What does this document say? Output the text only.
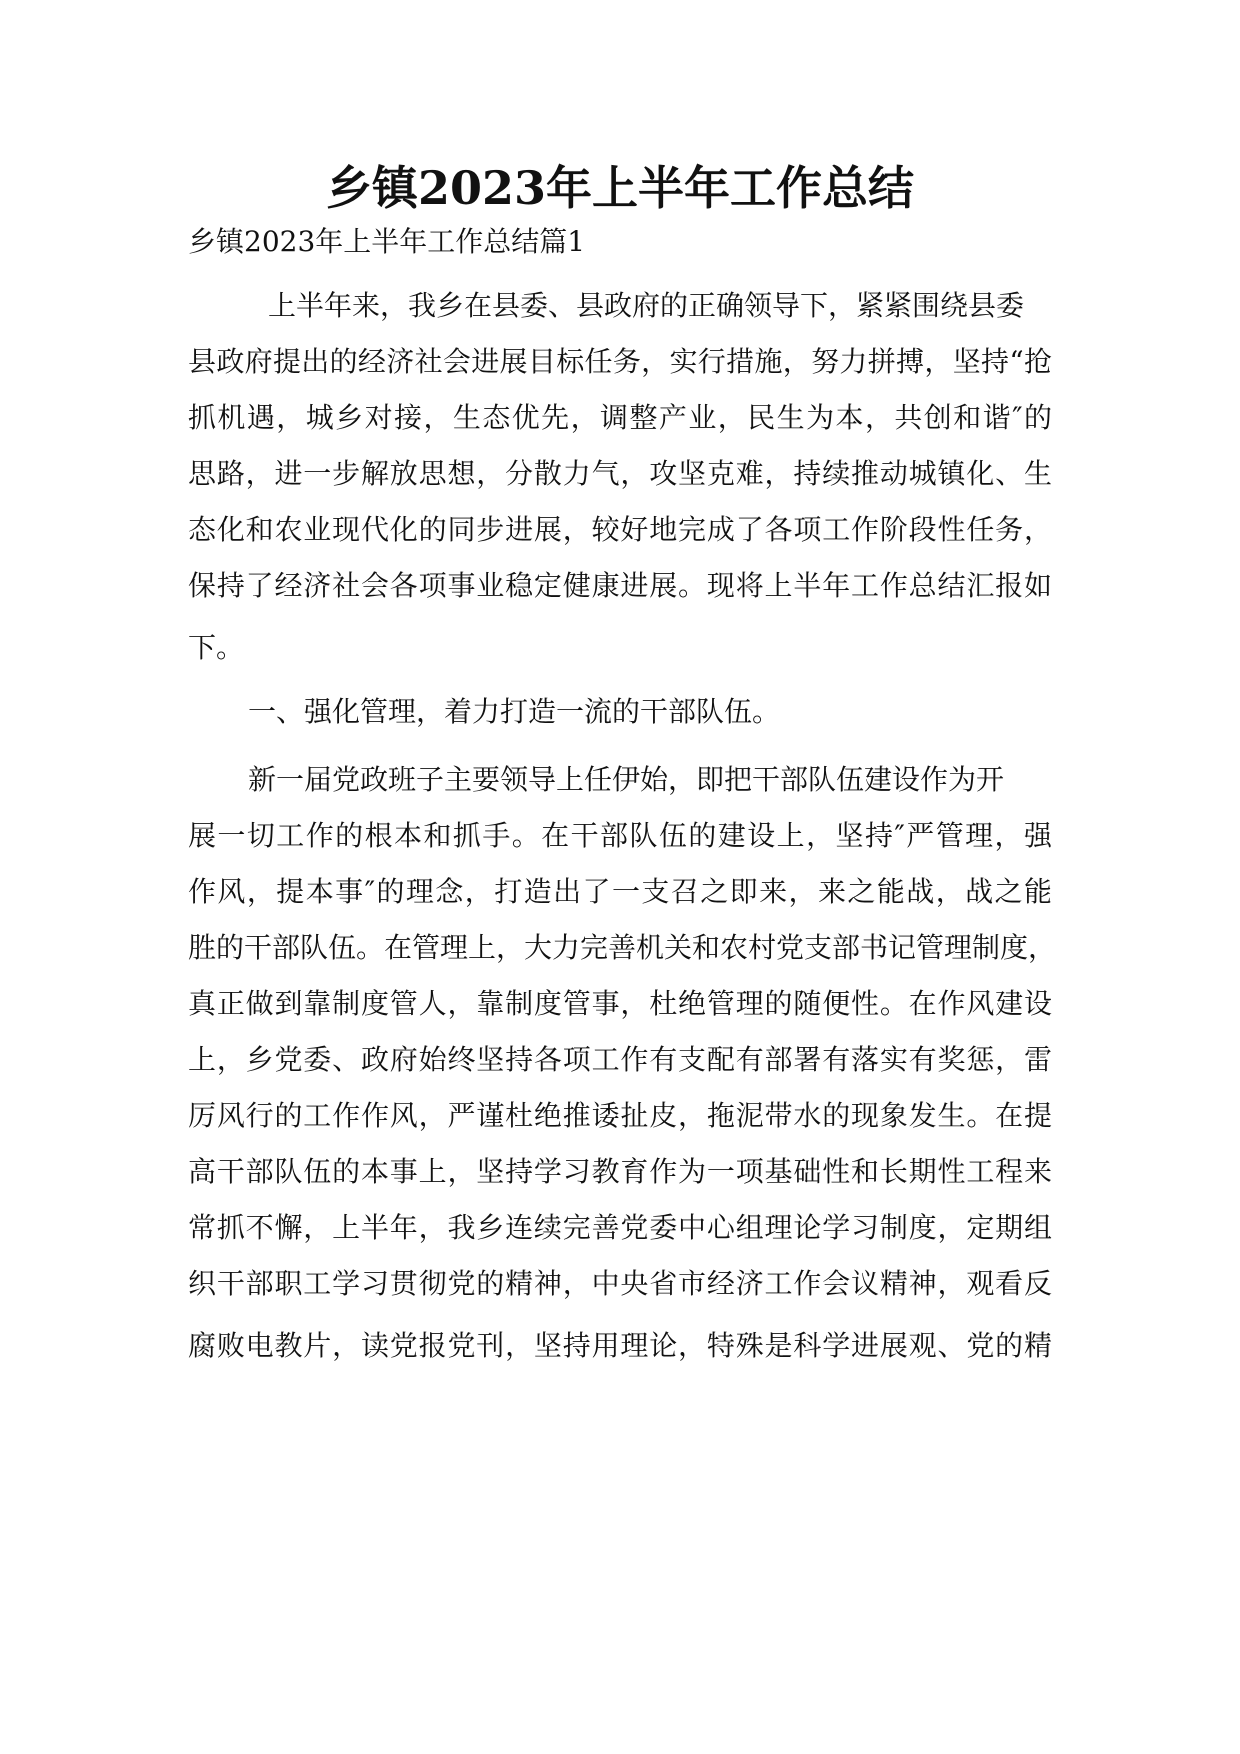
乡镇2023年上半年工作总结

乡镇2023年上半年工作总结篇1

上半年来，我乡在县委、县政府的正确领导下，紧紧围绕县委

县政府提出的经济社会进展目标任务，实行措施，努力拼搏，坚持“抢

抓机遇，城乡对接，生态优先，调整产业，民生为本，共创和谐″的

思路，进一步解放思想，分散力气，攻坚克难，持续推动城镇化、生

态化和农业现代化的同步进展，较好地完成了各项工作阶段性任务，

保持了经济社会各项事业稳定健康进展。现将上半年工作总结汇报如

下。

一、强化管理，着力打造一流的干部队伍。

新一届党政班子主要领导上任伊始，即把干部队伍建设作为开

展一切工作的根本和抓手。在干部队伍的建设上，坚持″严管理，强

作风，提本事″的理念，打造出了一支召之即来，来之能战，战之能

胜的干部队伍。在管理上，大力完善机关和农村党支部书记管理制度，

真正做到靠制度管人，靠制度管事，杜绝管理的随便性。在作风建设

上，乡党委、政府始终坚持各项工作有支配有部署有落实有奖惩，雷

厉风行的工作作风，严谨杜绝推诿扯皮，拖泥带水的现象发生。在提

高干部队伍的本事上，坚持学习教育作为一项基础性和长期性工程来

常抓不懈，上半年，我乡连续完善党委中心组理论学习制度，定期组

织干部职工学习贯彻党的精神，中央省市经济工作会议精神，观看反

腐败电教片，读党报党刊，坚持用理论，特殊是科学进展观、党的精
